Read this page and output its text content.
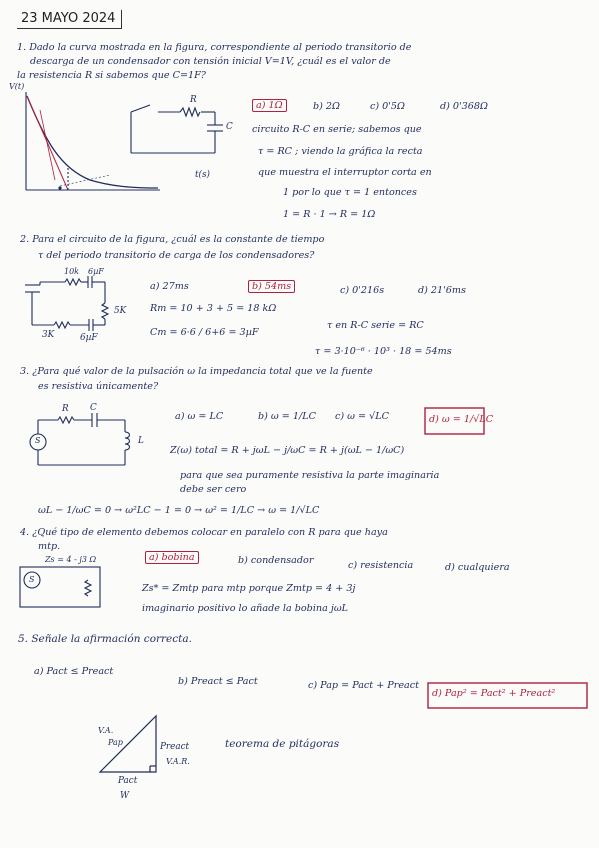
23 MAYO 2024
1. Dado la curva mostrada en la figura, correspondiente al periodo transitorio de
descarga de un condensador con tensión inicial V=1V, ¿cuál es el valor de
la resistencia R si sabemos que C=1F?
V(t)
t(s)
R
C
a) 1Ω	b) 2Ω	c) 0'5Ω	d) 0'368Ω
circuito R-C en serie; sabemos que
τ = RC ; viendo la gráfica la recta
que muestra el interruptor corta en
1 por lo que τ = 1 entonces
1 = R · 1 → R = 1Ω
2. Para el circuito de la figura, ¿cuál es la constante de tiempo
τ del periodo transitorio de carga de los condensadores?
10k 6µF
5K
3K	6µF
a) 27ms	b) 54ms	c) 0'216s	d) 21'6ms
Rт = 10 + 3 + 5 = 18 kΩ
Cт = 6·6 / 6+6 = 3µF
τ en R-C serie = RC
τ = 3·10⁻⁶ · 10³ · 18 = 54ms
3. ¿Para qué valor de la pulsación ω la impedancia total que ve la fuente
es resistiva únicamente?
R C
L
S
a) ω = LC	b) ω = 1/LC c) ω = √LC	d) ω = 1/√LC
Z(ω) total = R + jωL − j/ωC = R + j(ωL − 1/ωC)
para que sea puramente resistiva la parte imaginaria
debe ser cero
ωL − 1/ωC = 0 → ω²LC − 1 = 0 → ω² = 1/LC → ω = 1/√LC
4. ¿Qué tipo de elemento debemos colocar en paralelo con R para que haya
mtp.
Zs = 4 - j3 Ω
S
a) bobina	b) condensador	c) resistencia	d) cualquiera
Zs* = Zmtp para mtp porque Zmtp = 4 + 3j
imaginario positivo lo añade la bobina jωL
5. Señale la afirmación correcta.
a) Pact ≤ Preact
b) Preact ≤ Pact	c) Pap = Pact + Preact
d) Pap² = Pact² + Preact²
V.A.
Pap	Preact
V.A.R.
Pact
W
teorema de pitágoras
